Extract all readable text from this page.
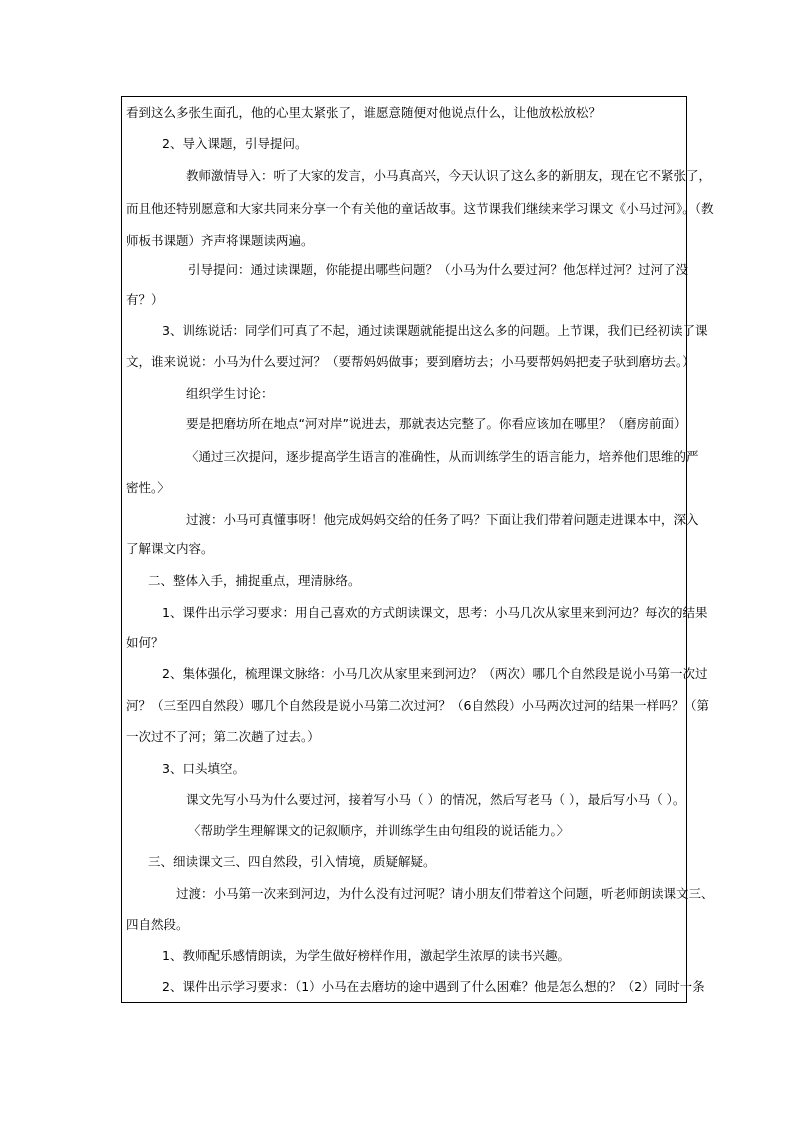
看到这么多张生面孔，他的心里太紧张了，谁愿意随便对他说点什么，让他放松放松？
2、导入课题，引导提问。
教师激情导入：听了大家的发言，小马真高兴，今天认识了这么多的新朋友，现在它不紧张了，
而且他还特别愿意和大家共同来分享一个有关他的童话故事。这节课我们继续来学习课文《小马过河》。（教
师板书课题）齐声将课题读两遍。
引导提问：通过读课题，你能提出哪些问题？（小马为什么要过河？他怎样过河？过河了没
有？）
3、训练说话：同学们可真了不起，通过读课题就能提出这么多的问题。上节课，我们已经初读了课
文，谁来说说：小马为什么要过河？（要帮妈妈做事；要到磨坊去；小马要帮妈妈把麦子驮到磨坊去。）
组织学生讨论：
要是把磨坊所在地点“河对岸”说进去，那就表达完整了。你看应该加在哪里？（磨房前面）
〈通过三次提问，逐步提高学生语言的准确性，从而训练学生的语言能力，培养他们思维的严
密性。〉
过渡：小马可真懂事呀！他完成妈妈交给的任务了吗？下面让我们带着问题走进课本中，深入
了解课文内容。
二、整体入手，捕捉重点，理清脉络。
1、课件出示学习要求：用自己喜欢的方式朗读课文，思考：小马几次从家里来到河边？每次的结果
如何？
2、集体强化，梳理课文脉络：小马几次从家里来到河边？（两次）哪几个自然段是说小马第一次过
河？（三至四自然段）哪几个自然段是说小马第二次过河？（6自然段）小马两次过河的结果一样吗？（第
一次过不了河；第二次趟了过去。）
3、口头填空。
课文先写小马为什么要过河，接着写小马（ ）的情况，然后写老马（ ），最后写小马（ ）。
〈帮助学生理解课文的记叙顺序，并训练学生由句组段的说话能力。〉
三、细读课文三、四自然段，引入情境，质疑解疑。
过渡：小马第一次来到河边，为什么没有过河呢？请小朋友们带着这个问题，听老师朗读课文三、
四自然段。
1、教师配乐感情朗读，为学生做好榜样作用，激起学生浓厚的读书兴趣。
2、课件出示学习要求：（1）小马在去磨坊的途中遇到了什么困难？他是怎么想的？（2）同时一条
